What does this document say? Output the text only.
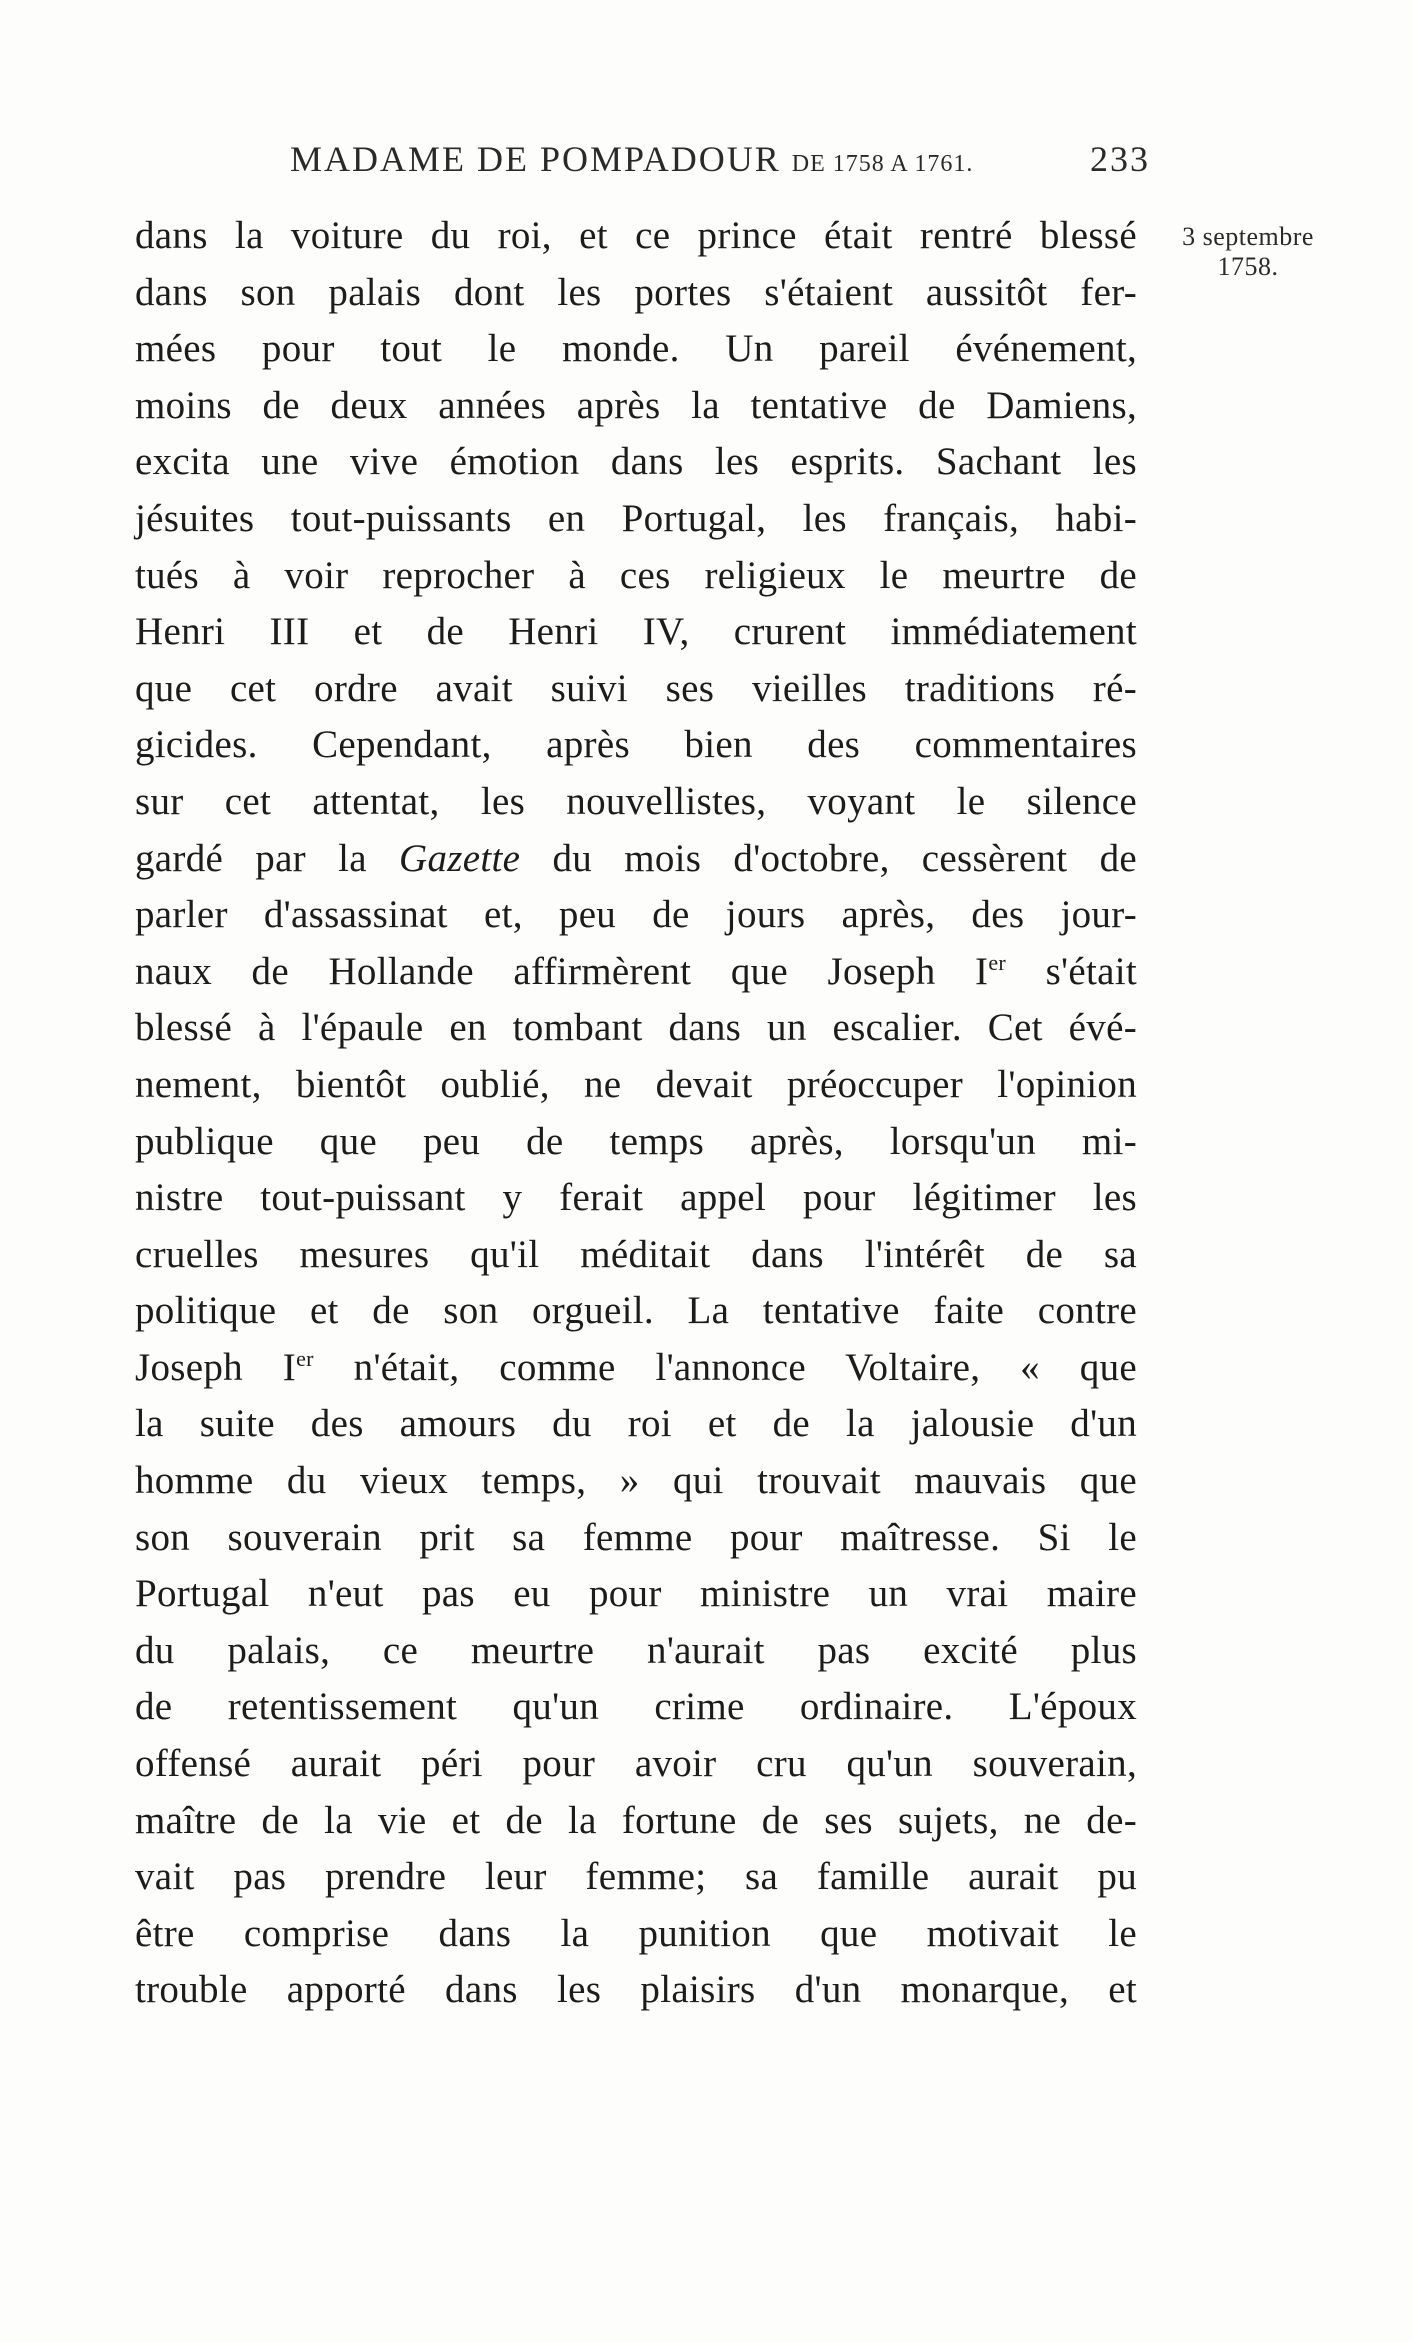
MADAME DE POMPADOUR DE 1758 A 1761.	233
3 septembre
1758.
dans la voiture du roi, et ce prince était rentré blessé
dans son palais dont les portes s'étaient aussitôt fer-
mées pour tout le monde. Un pareil événement,
moins de deux années après la tentative de Damiens,
excita une vive émotion dans les esprits. Sachant les
jésuites tout-puissants en Portugal, les français, habi-
tués à voir reprocher à ces religieux le meurtre de
Henri III et de Henri IV, crurent immédiatement
que cet ordre avait suivi ses vieilles traditions ré-
gicides. Cependant, après bien des commentaires
sur cet attentat, les nouvellistes, voyant le silence
gardé par la Gazette du mois d'octobre, cessèrent de
parler d'assassinat et, peu de jours après, des jour-
naux de Hollande affirmèrent que Joseph Ier s'était
blessé à l'épaule en tombant dans un escalier. Cet évé-
nement, bientôt oublié, ne devait préoccuper l'opinion
publique que peu de temps après, lorsqu'un mi-
nistre tout-puissant y ferait appel pour légitimer les
cruelles mesures qu'il méditait dans l'intérêt de sa
politique et de son orgueil. La tentative faite contre
Joseph Ier n'était, comme l'annonce Voltaire, « que
la suite des amours du roi et de la jalousie d'un
homme du vieux temps, » qui trouvait mauvais que
son souverain prit sa femme pour maîtresse. Si le
Portugal n'eut pas eu pour ministre un vrai maire
du palais, ce meurtre n'aurait pas excité plus
de retentissement qu'un crime ordinaire. L'époux
offensé aurait péri pour avoir cru qu'un souverain,
maître de la vie et de la fortune de ses sujets, ne de-
vait pas prendre leur femme; sa famille aurait pu
être comprise dans la punition que motivait le
trouble apporté dans les plaisirs d'un monarque, et
